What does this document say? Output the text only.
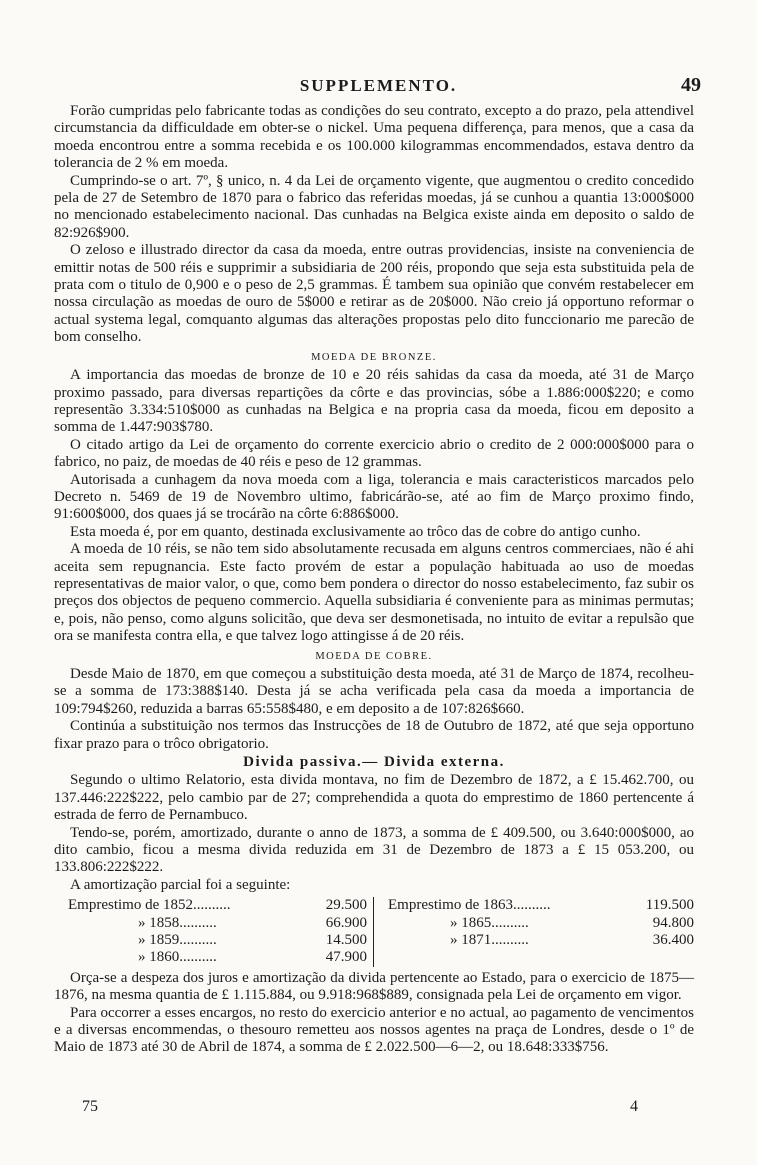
SUPPLEMENTO.	49

Forão cumpridas pelo fabricante todas as condições do seu contrato, excepto a do prazo, pela attendivel circumstancia da difficuldade em obter-se o nickel. Uma pequena differença, para menos, que a casa da moeda encontrou entre a somma recebida e os 100.000 kilogrammas encommendados, estava dentro da tolerancia de 2 % em moeda.

Cumprindo-se o art. 7º, § unico, n. 4 da Lei de orçamento vigente, que augmentou o credito concedido pela de 27 de Setembro de 1870 para o fabrico das referidas moedas, já se cunhou a quantia 13:000$000 no mencionado estabelecimento nacional. Das cunhadas na Belgica existe ainda em deposito o saldo de 82:926$900.

O zeloso e illustrado director da casa da moeda, entre outras providencias, insiste na conveniencia de emittir notas de 500 réis e supprimir a subsidiaria de 200 réis, propondo que seja esta substituida pela de prata com o titulo de 0,900 e o peso de 2,5 grammas. É tambem sua opinião que convém restabelecer em nossa circulação as moedas de ouro de 5$000 e retirar as de 20$000. Não creio já opportuno reformar o actual systema legal, comquanto algumas das alterações propostas pelo dito funccionario me parecão de bom conselho.

MOEDA DE BRONZE.

A importancia das moedas de bronze de 10 e 20 réis sahidas da casa da moeda, até 31 de Março proximo passado, para diversas repartições da côrte e das provincias, sóbe a 1.886:000$220; e como representão 3.334:510$000 as cunhadas na Belgica e na propria casa da moeda, ficou em deposito a somma de 1.447:903$780.

O citado artigo da Lei de orçamento do corrente exercicio abrio o credito de 2 000:000$000 para o fabrico, no paiz, de moedas de 40 réis e peso de 12 grammas.

Autorisada a cunhagem da nova moeda com a liga, tolerancia e mais caracteristicos marcados pelo Decreto n. 5469 de 19 de Novembro ultimo, fabricárão-se, até ao fim de Março proximo findo, 91:600$000, dos quaes já se trocárão na côrte 6:886$000.

Esta moeda é, por em quanto, destinada exclusivamente ao trôco das de cobre do antigo cunho.

A moeda de 10 réis, se não tem sido absolutamente recusada em alguns centros commerciaes, não é ahi aceita sem repugnancia. Este facto provém de estar a população habituada ao uso de moedas representativas de maior valor, o que, como bem pondera o director do nosso estabelecimento, faz subir os preços dos objectos de pequeno commercio. Aquella subsidiaria é conveniente para as minimas permutas; e, pois, não penso, como alguns solicitão, que deva ser desmonetisada, no intuito de evitar a repulsão que ora se manifesta contra ella, e que talvez logo attingisse á de 20 réis.

MOEDA DE COBRE.

Desde Maio de 1870, em que começou a substituição desta moeda, até 31 de Março de 1874, recolheu-se a somma de 173:388$140. Desta já se acha verificada pela casa da moeda a importancia de 109:794$260, reduzida a barras 65:558$480, e em deposito a de 107:826$660.

Continúa a substituição nos termos das Instrucções de 18 de Outubro de 1872, até que seja opportuno fixar prazo para o trôco obrigatorio.

Divida passiva.— Divida externa.

Segundo o ultimo Relatorio, esta divida montava, no fim de Dezembro de 1872, a £ 15.462.700, ou 137.446:222$222, pelo cambio par de 27; comprehendida a quota do emprestimo de 1860 pertencente á estrada de ferro de Pernambuco.

Tendo-se, porém, amortizado, durante o anno de 1873, a somma de £ 409.500, ou 3.640:000$000, ao dito cambio, ficou a mesma divida reduzida em 31 de Dezembro de 1873 a £ 15 053.200, ou 133.806:222$222.

A amortização parcial foi a seguinte:

Emprestimo de 1852..........	29.500
» 1858..........	66.900
» 1859..........	14.500
» 1860..........	47.900
Emprestimo de 1863..........	119.500
» 1865..........	94.800
» 1871..........	36.400

Orça-se a despeza dos juros e amortização da divida pertencente ao Estado, para o exercicio de 1875—1876, na mesma quantia de £ 1.115.884, ou 9.918:968$889, consignada pela Lei de orçamento em vigor.

Para occorrer a esses encargos, no resto do exercicio anterior e no actual, ao pagamento de vencimentos e a diversas encommendas, o thesouro remetteu aos nossos agentes na praça de Londres, desde o 1º de Maio de 1873 até 30 de Abril de 1874, a somma de £ 2.022.500—6—2, ou 18.648:333$756.

75	4
